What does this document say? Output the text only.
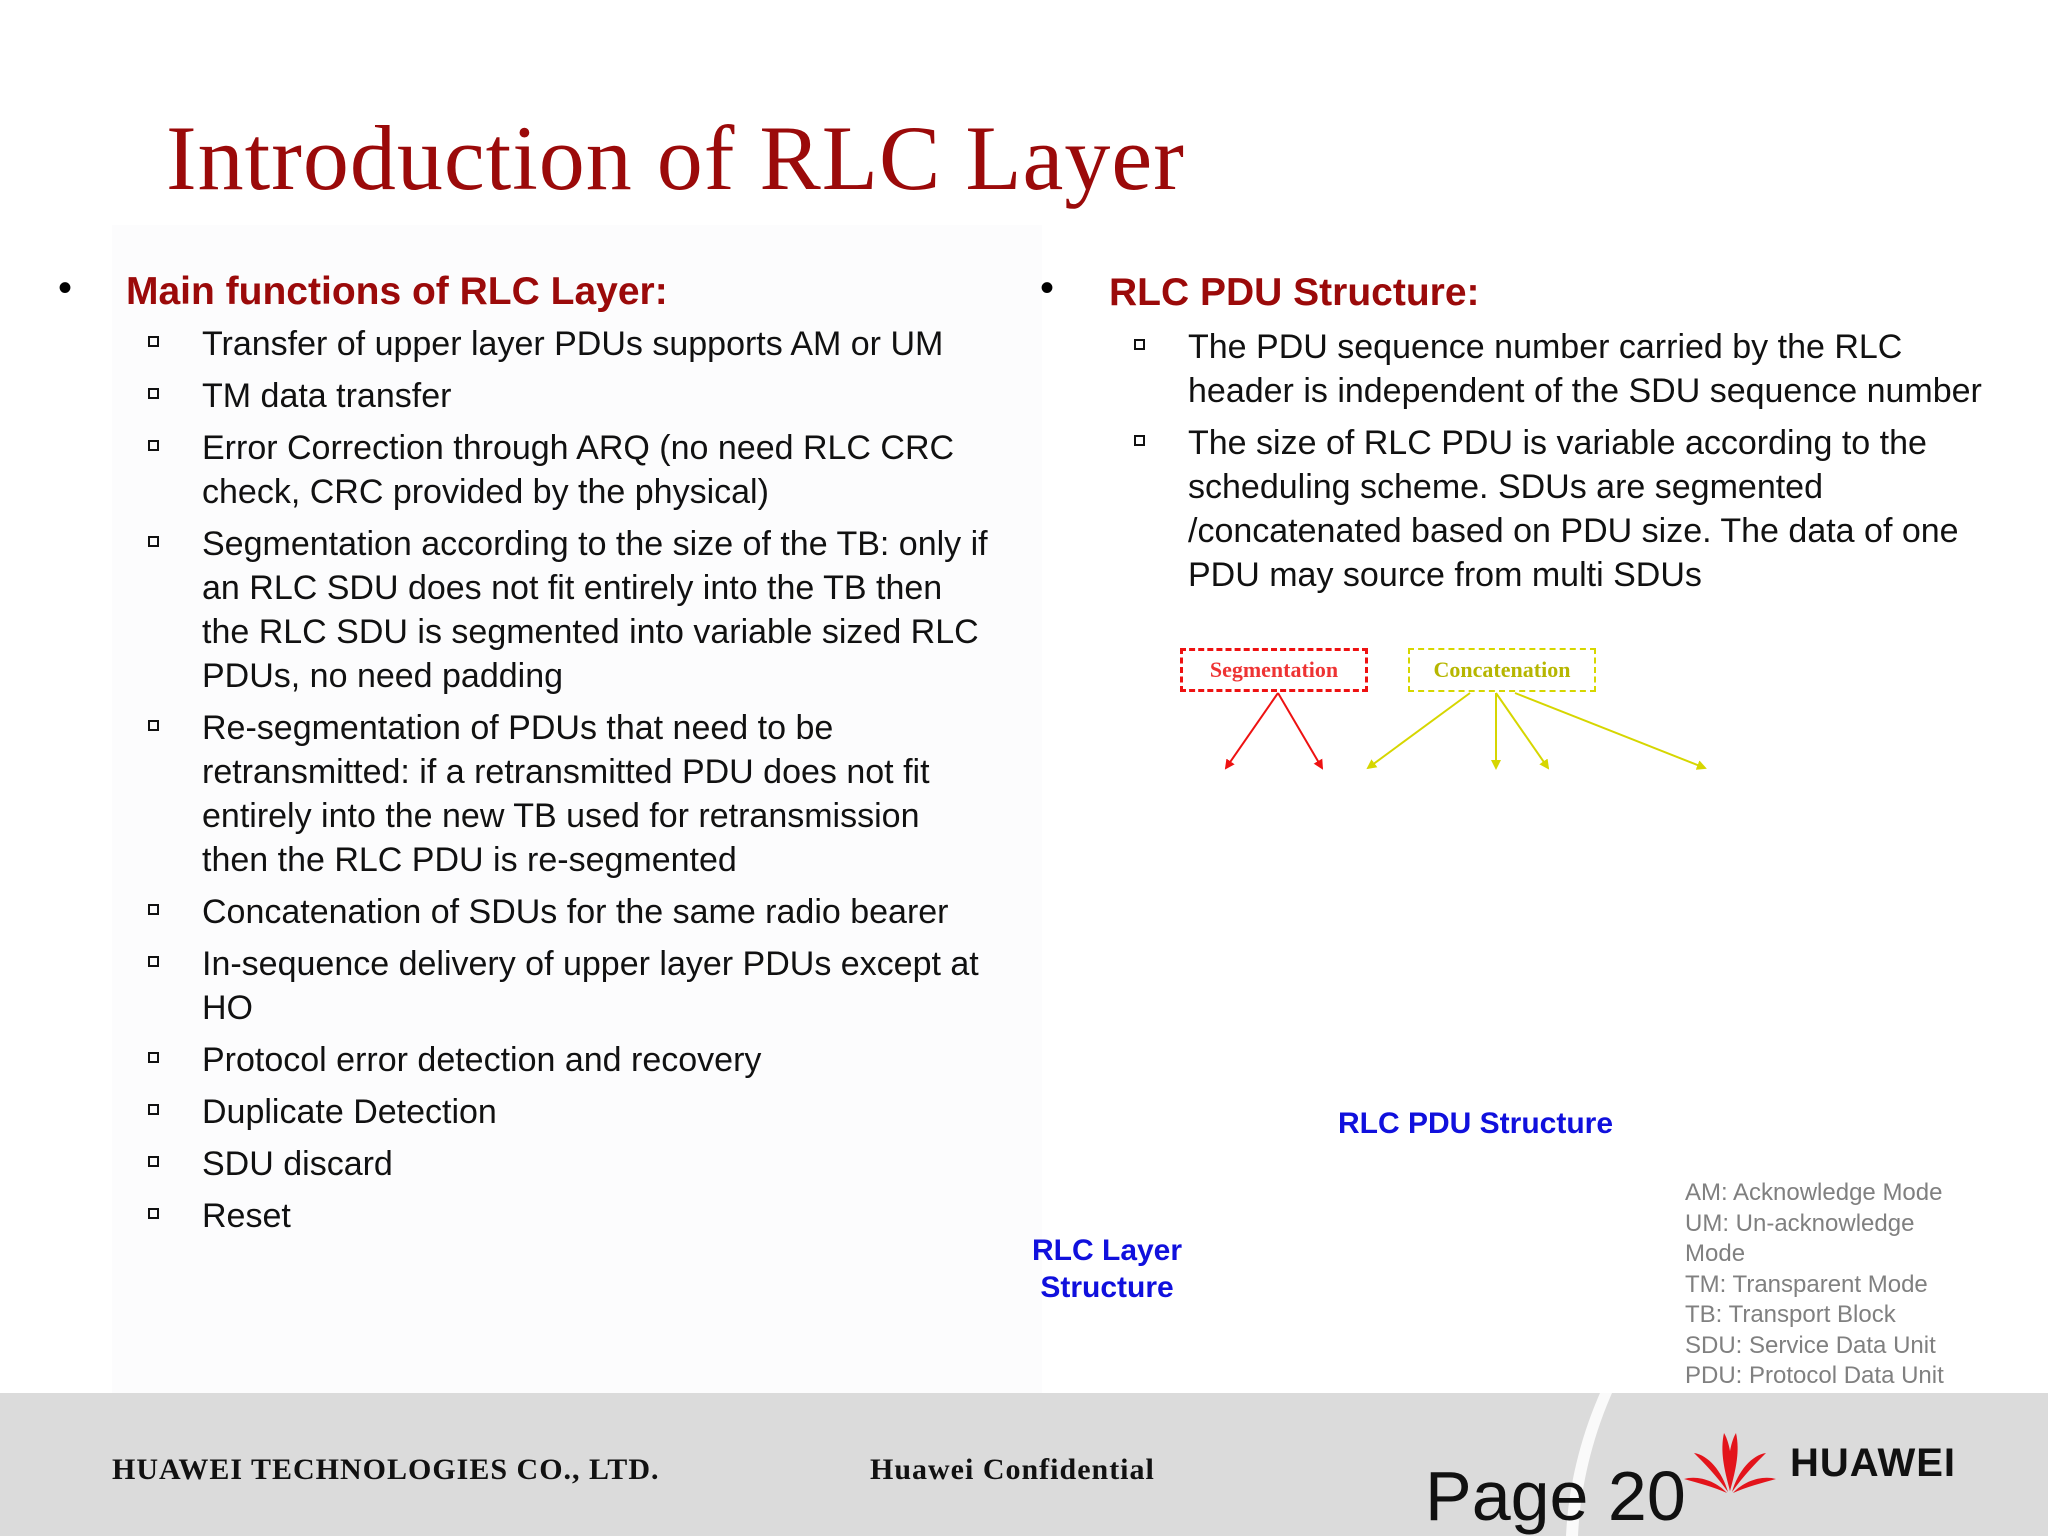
Introduction of RLC Layer
• Main functions of RLC Layer:
Transfer of upper layer PDUs supports AM or UM
TM data transfer
Error Correction through ARQ (no need RLC CRC check, CRC provided by the physical)
Segmentation according to the size of the TB: only if an RLC SDU does not fit entirely into the TB then the RLC SDU is segmented into variable sized RLC PDUs, no need padding
Re-segmentation of PDUs that need to be retransmitted: if a retransmitted PDU does not fit entirely into the new TB used for retransmission then the RLC PDU is re-segmented
Concatenation of SDUs for the same radio bearer
In-sequence delivery of upper layer PDUs except at HO
Protocol error detection and recovery
Duplicate Detection
SDU discard
Reset
• RLC PDU Structure:
The PDU sequence number carried by the RLC header is independent of the SDU sequence number
The size of RLC PDU is variable according to the scheduling scheme. SDUs are segmented /concatenated based on PDU size. The data of one PDU may source from multi SDUs
Segmentation	Concatenation
RLC PDU Structure
RLC Layer
Structure
AM: Acknowledge Mode
UM: Un-acknowledge
Mode
TM: Transparent Mode
TB: Transport Block
SDU: Service Data Unit
PDU: Protocol Data Unit
HUAWEI TECHNOLOGIES CO., LTD.	Huawei Confidential	Page 20	HUAWEI
